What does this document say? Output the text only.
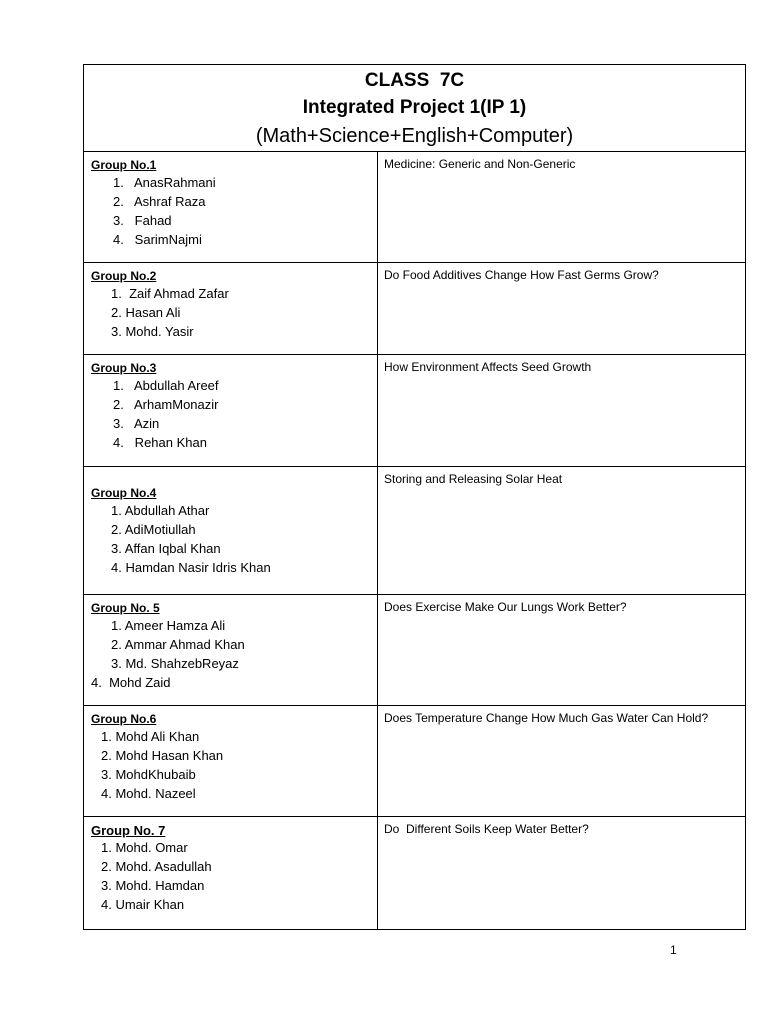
CLASS  7C
Integrated Project 1(IP 1)
(Math+Science+English+Computer)	

Group No.1
1.   AnasRahmani
2.   Ashraf Raza
3.   Fahad
4.   SarimNajmi	Medicine: Generic and Non-Generic

Group No.2
1.  Zaif Ahmad Zafar
2. Hasan Ali
3. Mohd. Yasir	Do Food Additives Change How Fast Germs Grow?

Group No.3
1.   Abdullah Areef
2.   ArhamMonazir
3.   Azin
4.   Rehan Khan	How Environment Affects Seed Growth

Group No.4
1. Abdullah Athar
2. AdiMotiullah
3. Affan Iqbal Khan
4. Hamdan Nasir Idris Khan	Storing and Releasing Solar Heat

Group No. 5
1. Ameer Hamza Ali
2. Ammar Ahmad Khan
3. Md. ShahzebReyaz
4.  Mohd Zaid	Does Exercise Make Our Lungs Work Better?

Group No.6
1. Mohd Ali Khan
2. Mohd Hasan Khan
3. MohdKhubaib
4. Mohd. Nazeel	Does Temperature Change How Much Gas Water Can Hold?

Group No. 7
1. Mohd. Omar
2. Mohd. Asadullah
3. Mohd. Hamdan
4. Umair Khan	Do  Different Soils Keep Water Better?
1
